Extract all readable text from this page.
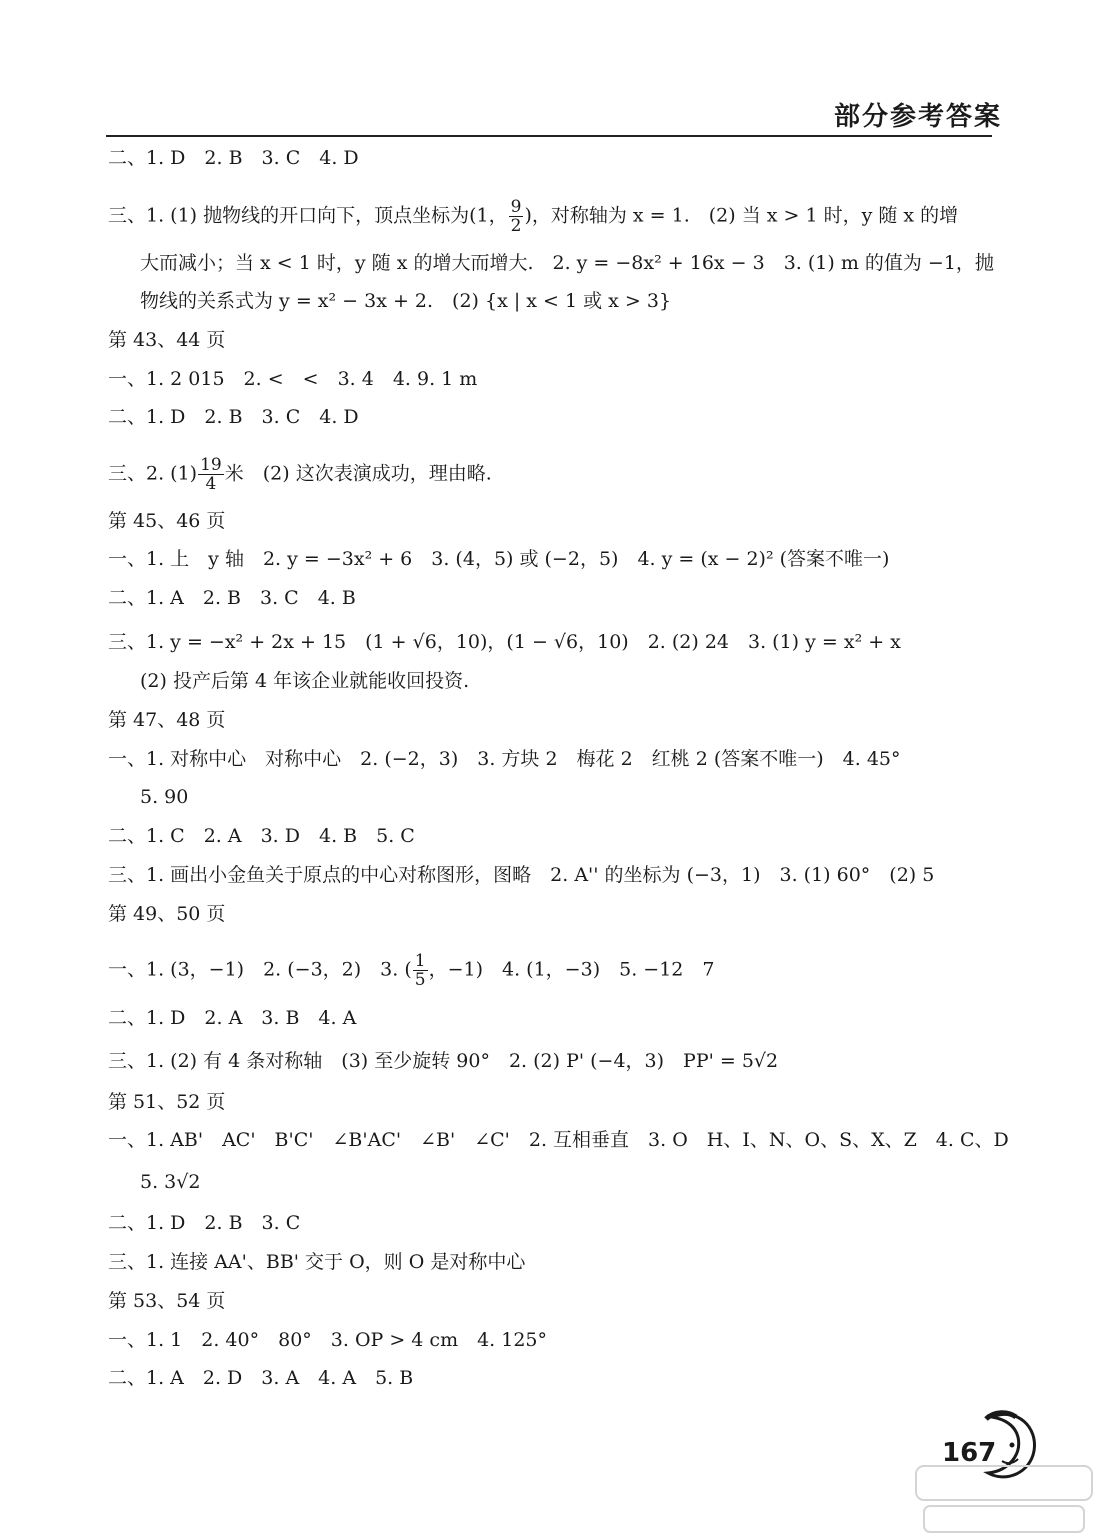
部分参考答案
二、1. D　2. B　3. C　4. D
三、1. (1) 抛物线的开口向下，顶点坐标为(1， $\frac{9}{2}$ )，对称轴为 x = 1.　(2) 当 x > 1 时，y 随 x 的增
大而减小；当 x < 1 时，y 随 x 的增大而增大.　2. y = −8x² + 16x − 3　3. (1) m 的值为 −1，抛
物线的关系式为 y = x² − 3x + 2.　(2) {x | x < 1 或 x > 3}
第 43、44 页
一、1. 2 015　2. <　<　3. 4　4. 9. 1 m
二、1. D　2. B　3. C　4. D
三、2. $(1) \frac{19}{4}$ 米　(2) 这次表演成功，理由略.
第 45、46 页
一、1. 上　y 轴　2. y = −3x² + 6　3. (4，5) 或 (−2，5)　4. y = (x − 2)² (答案不唯一)
二、1. A　2. B　3. C　4. B
三、1. y = −x² + 2x + 15　(1 + √6，10)，(1 − √6，10)　2. (2) 24　3. (1) y = x² + x
(2) 投产后第 4 年该企业就能收回投资.
第 47、48 页
一、1. 对称中心　对称中心　2. (−2，3)　3. 方块 2　梅花 2　红桃 2 (答案不唯一)　4. 45°
5. 90
二、1. C　2. A　3. D　4. B　5. C
三、1. 画出小金鱼关于原点的中心对称图形，图略　2. A'' 的坐标为 (−3，1)　3. (1) 60°　(2) 5
第 49、50 页
一、1. (3，−1)　2. (−3，2)　3. ( $\frac{1}{5}$ ，−1)　4. (1，−3)　5. −12　7
二、1. D　2. A　3. B　4. A
三、1. (2) 有 4 条对称轴　(3) 至少旋转 90°　2. (2) P' (−4，3)　PP' = 5√2
第 51、52 页
一、1. AB'　AC'　B'C'　∠B'AC'　∠B'　∠C'　2. 互相垂直　3. O　H、I、N、O、S、X、Z　4. C、D
5. 3√2
二、1. D　2. B　3. C
三、1. 连接 AA'、BB' 交于 O，则 O 是对称中心
第 53、54 页
一、1. 1　2. 40°　80°　3. OP > 4 cm　4. 125°
二、1. A　2. D　3. A　4. A　5. B
167
